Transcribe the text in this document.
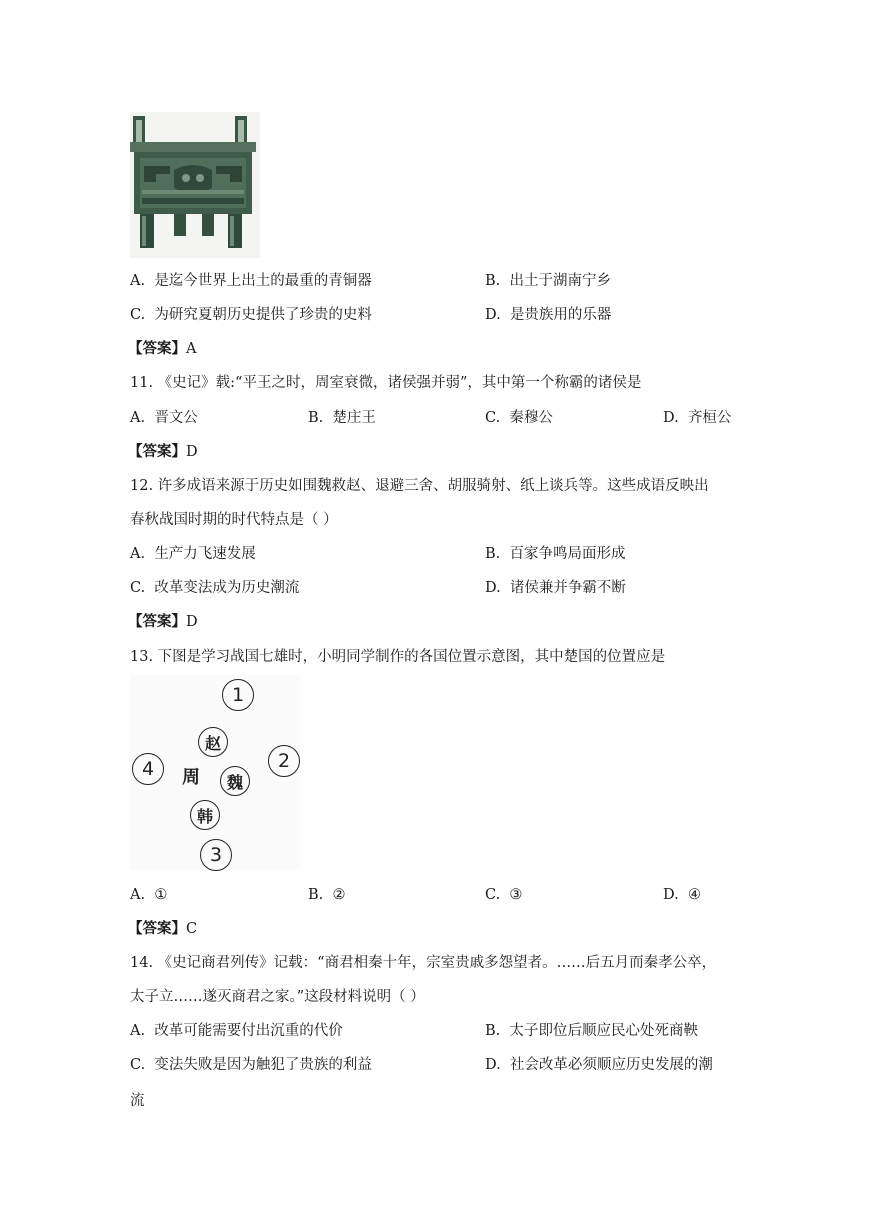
A. 是迄今世界上出土的最重的青铜器	B. 出土于湖南宁乡
C. 为研究夏朝历史提供了珍贵的史料	D. 是贵族用的乐器
【答案】A
11. 《史记》载:“平王之时，周室衰微，诸侯强并弱”，其中第一个称霸的诸侯是
A. 晋文公	B. 楚庄王	C. 秦穆公	D. 齐桓公
【答案】D
12. 许多成语来源于历史如围魏救赵、退避三舍、胡服骑射、纸上谈兵等。这些成语反映出
春秋战国时期的时代特点是（ ）
A. 生产力飞速发展	B. 百家争鸣局面形成
C. 改革变法成为历史潮流	D. 诸侯兼并争霸不断
【答案】D
13. 下图是学习战国七雄时，小明同学制作的各国位置示意图，其中楚国的位置应是
1
赵
2
4	周	魏
韩
3
A. ①	B. ②	C. ③	D. ④
【答案】C
14. 《史记商君列传》记载：“商君相秦十年，宗室贵戚多怨望者。……后五月而秦孝公卒，
太子立……遂灭商君之家。”这段材料说明（ ）
A. 改革可能需要付出沉重的代价	B. 太子即位后顺应民心处死商鞅
C. 变法失败是因为触犯了贵族的利益	D. 社会改革必须顺应历史发展的潮
流
